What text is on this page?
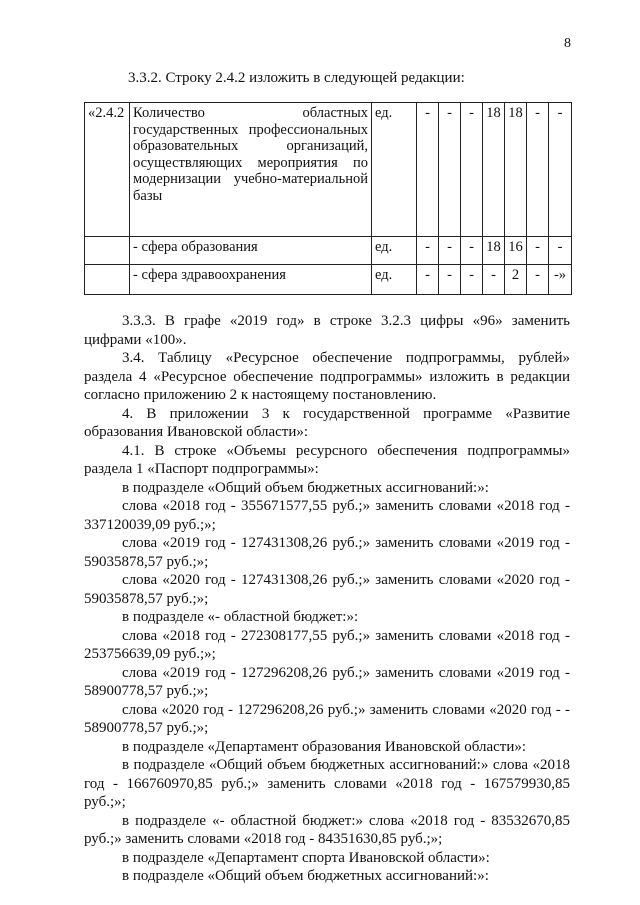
8
3.3.2. Строку 2.4.2 изложить в следующей редакции:
«2.4.2	Количество областных государственных профессиональных образовательных организаций, осуществляющих мероприятия по модернизации учебно-материальной базы	ед.	-	-	-	18	18	-	-
	- сфера образования	ед.	-	-	-	18	16	-	-
	- сфера здравоохранения	ед.	-	-	-	-	2	-	-»

3.3.3. В графе «2019 год» в строке 3.2.3 цифры «96» заменить цифрами «100».

3.4. Таблицу «Ресурсное обеспечение подпрограммы, рублей» раздела 4 «Ресурсное обеспечение подпрограммы» изложить в редакции согласно приложению 2 к настоящему постановлению.

4. В приложении 3 к государственной программе «Развитие образования Ивановской области»:

4.1. В строке «Объемы ресурсного обеспечения подпрограммы» раздела 1 «Паспорт подпрограммы»:

в подразделе «Общий объем бюджетных ассигнований:»:

слова «2018 год - 355671577,55 руб.;» заменить словами «2018 год - 337120039,09 руб.;»;

слова «2019 год - 127431308,26 руб.;» заменить словами «2019 год - 59035878,57 руб.;»;

слова «2020 год - 127431308,26 руб.;» заменить словами «2020 год - 59035878,57 руб.;»;

в подразделе «- областной бюджет:»:

слова «2018 год - 272308177,55 руб.;» заменить словами «2018 год - 253756639,09 руб.;»;

слова «2019 год - 127296208,26 руб.;» заменить словами «2019 год - 58900778,57 руб.;»;

слова «2020 год - 127296208,26 руб.;» заменить словами «2020 год - - 58900778,57 руб.;»;

в подразделе «Департамент образования Ивановской области»:

в подразделе «Общий объем бюджетных ассигнований:» слова «2018 год - 166760970,85 руб.;» заменить словами «2018 год - 167579930,85 руб.;»;

в подразделе «- областной бюджет:» слова «2018 год - 83532670,85 руб.;» заменить словами «2018 год - 84351630,85 руб.;»;

в подразделе «Департамент спорта Ивановской области»:

в подразделе «Общий объем бюджетных ассигнований:»:
